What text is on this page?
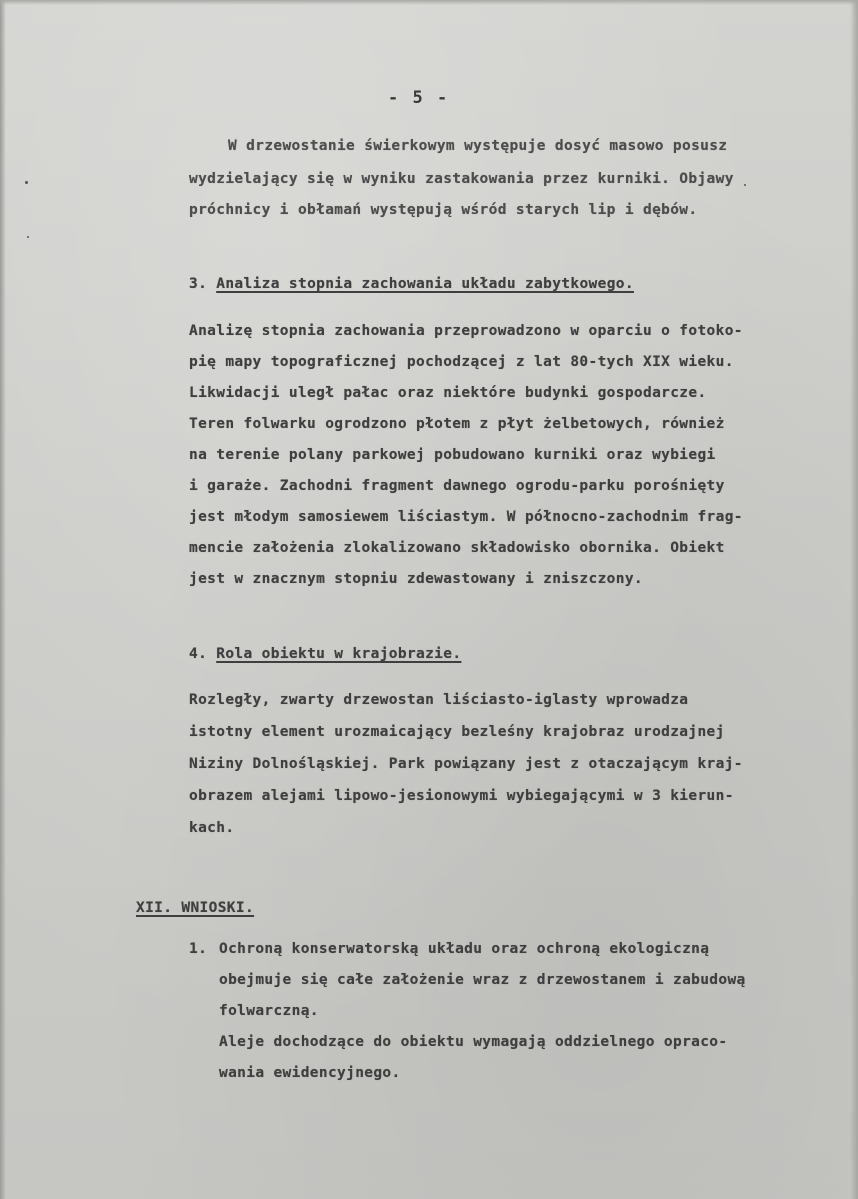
- 5 -
W drzewostanie świerkowym występuje dosyć masowo posusz
wydzielający się w wyniku zastakowania przez kurniki. Objawy
próchnicy i obłamań występują wśród starych lip i dębów.
3. Analiza stopnia zachowania układu zabytkowego.
Analizę stopnia zachowania przeprowadzono w oparciu o fotoko-
pię mapy topograficznej pochodzącej z lat 80-tych XIX wieku.
Likwidacji uległ pałac oraz niektóre budynki gospodarcze.
Teren folwarku ogrodzono płotem z płyt żelbetowych, również
na terenie polany parkowej pobudowano kurniki oraz wybiegi
i garaże. Zachodni fragment dawnego ogrodu-parku porośnięty
jest młodym samosiewem liściastym. W północno-zachodnim frag-
mencie założenia zlokalizowano składowisko obornika. Obiekt
jest w znacznym stopniu zdewastowany i zniszczony.
4. Rola obiektu w krajobrazie.
Rozległy, zwarty drzewostan liściasto-iglasty wprowadza
istotny element urozmaicający bezleśny krajobraz urodzajnej
Niziny Dolnośląskiej. Park powiązany jest z otaczającym kraj-
obrazem alejami lipowo-jesionowymi wybiegającymi w 3 kierun-
kach.
XII. WNIOSKI.
1. Ochroną konserwatorską układu oraz ochroną ekologiczną
obejmuje się całe założenie wraz z drzewostanem i zabudową
folwarczną.
Aleje dochodzące do obiektu wymagają oddzielnego opraco-
wania ewidencyjnego.
